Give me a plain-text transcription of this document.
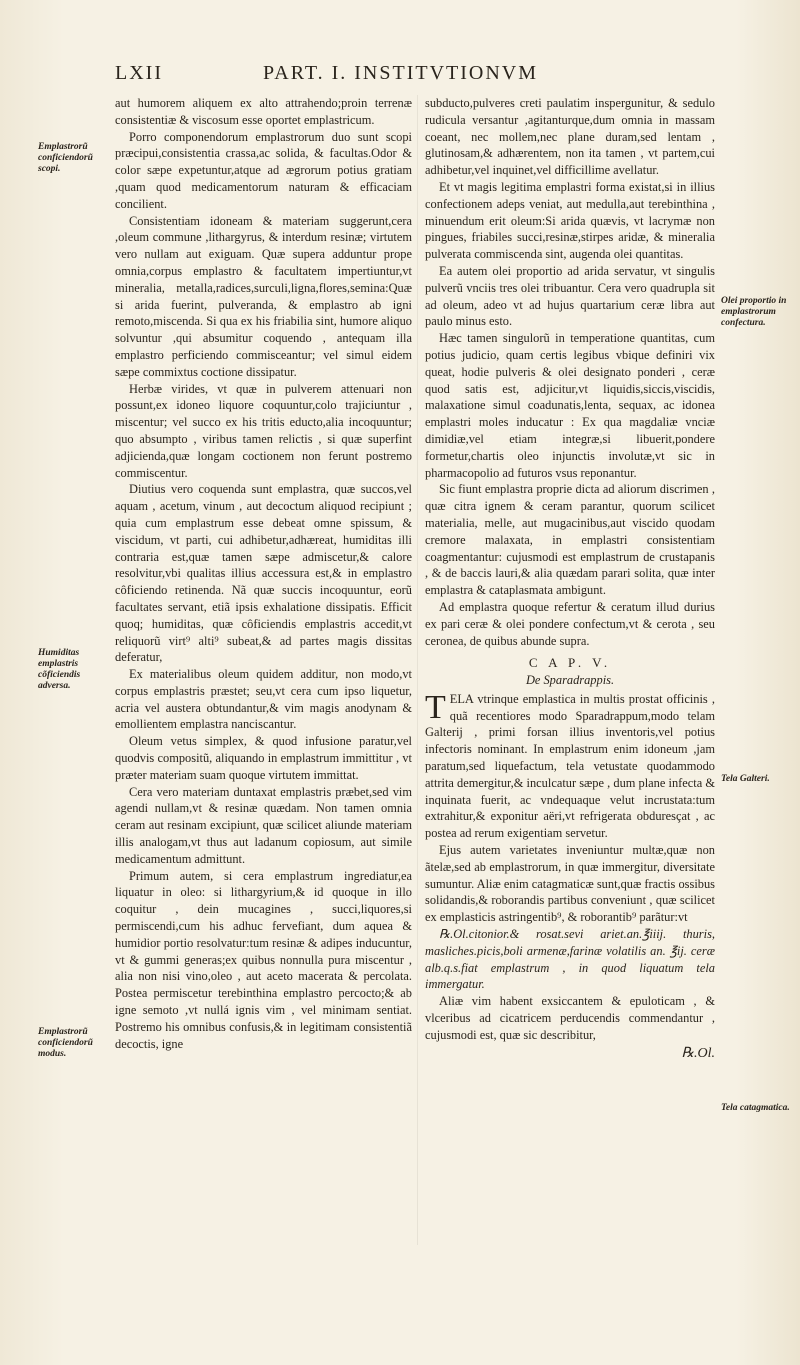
LXII	PART. I. INSTITVTIONVM

aut humorem aliquem ex alto attrahendo;proin terrenæ consistentiæ & viscosum esse oportet emplastricum.

Porro componendorum emplastrorum duo sunt scopi præcipui,consistentia crassa,ac solida, & facultas.Odor & color sæpe expetuntur,atque ad ægrorum potius gratiam ,quam quod medicamentorum naturam & efficaciam concilient.

Consistentiam idoneam & materiam suggerunt,cera ,oleum commune ,lithargyrus, & interdum resinæ; virtutem vero nullam aut exiguam. Quæ supera adduntur prope omnia,corpus emplastro & facultatem impertiuntur,vt mineralia, metalla,radices,surculi,ligna,flores,semina:Quæ si arida fuerint, pulveranda, & emplastro ab igni remoto,miscenda. Si qua ex his friabilia sint, humore aliquo solvuntur ,qui absumitur coquendo , antequam illa emplastro perficiendo commisceantur; vel simul eidem sæpe commixtus coctione dissipatur.

Herbæ virides, vt quæ in pulverem attenuari non possunt,ex idoneo liquore coquuntur,colo trajiciuntur , miscentur; vel succo ex his tritis educto,alia incoquuntur; quo absumpto , viribus tamen relictis , si quæ superfint adjicienda,quæ longam coctionem non ferunt postremo commiscentur.

Diutius vero coquenda sunt emplastra, quæ succos,vel aquam , acetum, vinum , aut decoctum aliquod recipiunt ; quia cum emplastrum esse debeat omne spissum, & viscidum, vt parti, cui adhibetur,adhæreat, humiditas illi contraria est,quæ tamen sæpe admiscetur,& calore resolvitur,vbi qualitas illius accessura est,& in emplastro côficiendo retinenda. Nã quæ succis incoquuntur, eorũ facultates servant, etiã ipsis exhalatione dissipatis. Efficit quoq; humiditas, quæ côficiendis emplastris accedit,vt reliquorũ virt⁹ alti⁹ subeat,& ad partes magis dissitas deferatur,

Ex materialibus oleum quidem additur, non modo,vt corpus emplastris præstet; seu,vt cera cum ipso liquetur, acria vel austera obtundantur,& vim magis anodynam & emollientem emplastra nanciscantur.

Oleum vetus simplex, & quod infusione paratur,vel quodvis compositũ, aliquando in emplastrum immittitur , vt præter materiam suam quoque virtutem immittat.

Cera vero materiam duntaxat emplastris præbet,sed vim agendi nullam,vt & resinæ quædam. Non tamen omnia ceram aut resinam excipiunt, quæ scilicet aliunde materiam illis analogam,vt thus aut ladanum copiosum, aut simile medicamentum admittunt.

Primum autem, si cera emplastrum ingrediatur,ea liquatur in oleo: si lithargyrium,& id quoque in illo coquitur , dein mucagines , succi,liquores,si permiscendi,cum his adhuc fervefiant, dum aquea & humidior portio resolvatur:tum resinæ & adipes inducuntur, vt & gummi generas;ex quibus nonnulla pura miscentur , alia non nisi vino,oleo , aut aceto macerata & percolata. Postea permiscetur terebinthina emplastro percocto;& ab igne semoto ,vt nullá ignis vim , vel minimam sentiat. Postremo his omnibus confusis,& in legitimam consistentiã decoctis, igne

subducto,pulveres creti paulatim inspergunitur, & sedulo rudicula versantur ,agitanturque,dum omnia in massam coeant, nec mollem,nec plane duram,sed lentam , glutinosam,& adhærentem, non ita tamen , vt partem,cui adhibetur,vel inquinet,vel difficillime avellatur.

Et vt magis legitima emplastri forma existat,si in illius confectionem adeps veniat, aut medulla,aut terebinthina , minuendum erit oleum:Si arida quævis, vt lacrymæ non pingues, friabiles succi,resinæ,stirpes aridæ, & mineralia pulverata commiscenda sint, augenda olei quantitas.

Ea autem olei proportio ad arida servatur, vt singulis pulverũ vnciis tres olei tribuantur. Cera vero quadrupla sit ad oleum, adeo vt ad hujus quartarium ceræ libra aut paulo minus esto.

Hæc tamen singulorũ in temperatione quantitas, cum potius judicio, quam certis legibus vbique definiri vix queat, hodie pulveris & olei designato ponderi , ceræ quod satis est, adjicitur,vt liquidis,siccis,viscidis, malaxatione simul coadunatis,lenta, sequax, ac idonea emplastri moles inducatur : Ex qua magdaliæ vnciæ dimidiæ,vel etiam integræ,si libuerit,pondere formetur,chartis oleo injunctis involutæ,vt sic in pharmacopolio ad futuros vsus reponantur.

Sic fiunt emplastra proprie dicta ad aliorum discrimen , quæ citra ignem & ceram parantur, quorum scilicet materialia, melle, aut mugacinibus,aut viscido quodam cremore malaxata, in emplastri consistentiam coagmentantur: cujusmodi est emplastrum de crustapanis , & de baccis lauri,& alia quædam parari solita, quæ inter emplastra & cataplasmata ambigunt.

Ad emplastra quoque refertur & ceratum illud durius ex pari ceræ & olei pondere confectum,vt & cerota , seu ceronea, de quibus abunde supra.

C A P. V.

De Sparadrappis.

TELA vtrinque emplastica in multis prostat officinis , quã recentiores modo Sparadrappum,modo telam Galterij , primi forsan illius inventoris,vel potius infectoris nominant. In emplastrum enim idoneum ,jam paratum,sed liquefactum, tela vetustate quodammodo attrita demergitur,& inculcatur sæpe , dum plane infecta & inquinata fuerit, ac vndequaque velut incrustata:tum extrahitur,& exponitur aëri,vt refrigerata obduresçat , ac postea ad rerum exigentiam servetur.

Ejus autem varietates inveniuntur multæ,quæ non ãtelæ,sed ab emplastrorum, in quæ immergitur, diversitate sumuntur. Aliæ enim catagmaticæ sunt,quæ fractis ossibus solidandis,& roborandis partibus conveniunt , quæ scilicet ex emplasticis astringentib⁹, & roborantib⁹ parãtur:vt

℞.Ol.citonior.& rosat.sevi ariet.an.℥iiij. thuris, masliches.picis,boli armenæ,farinæ volatilis an. ℥ij. ceræ alb.q.s.fiat emplastrum , in quod liquatum tela immergatur.

Aliæ vim habent exsiccantem & epuloticam , & vlceribus ad cicatricem perducendis commendantur , cujusmodi est, quæ sic describitur,

℞.Ol.

Emplastrorũ conficiendorũ scopi.
Humiditas emplastris cõficiendis adversa.
Emplastrorũ conficiendorũ modus.
Olei proportio in emplastrorum confectura.
Tela Galteri.
Tela catagmatica.
